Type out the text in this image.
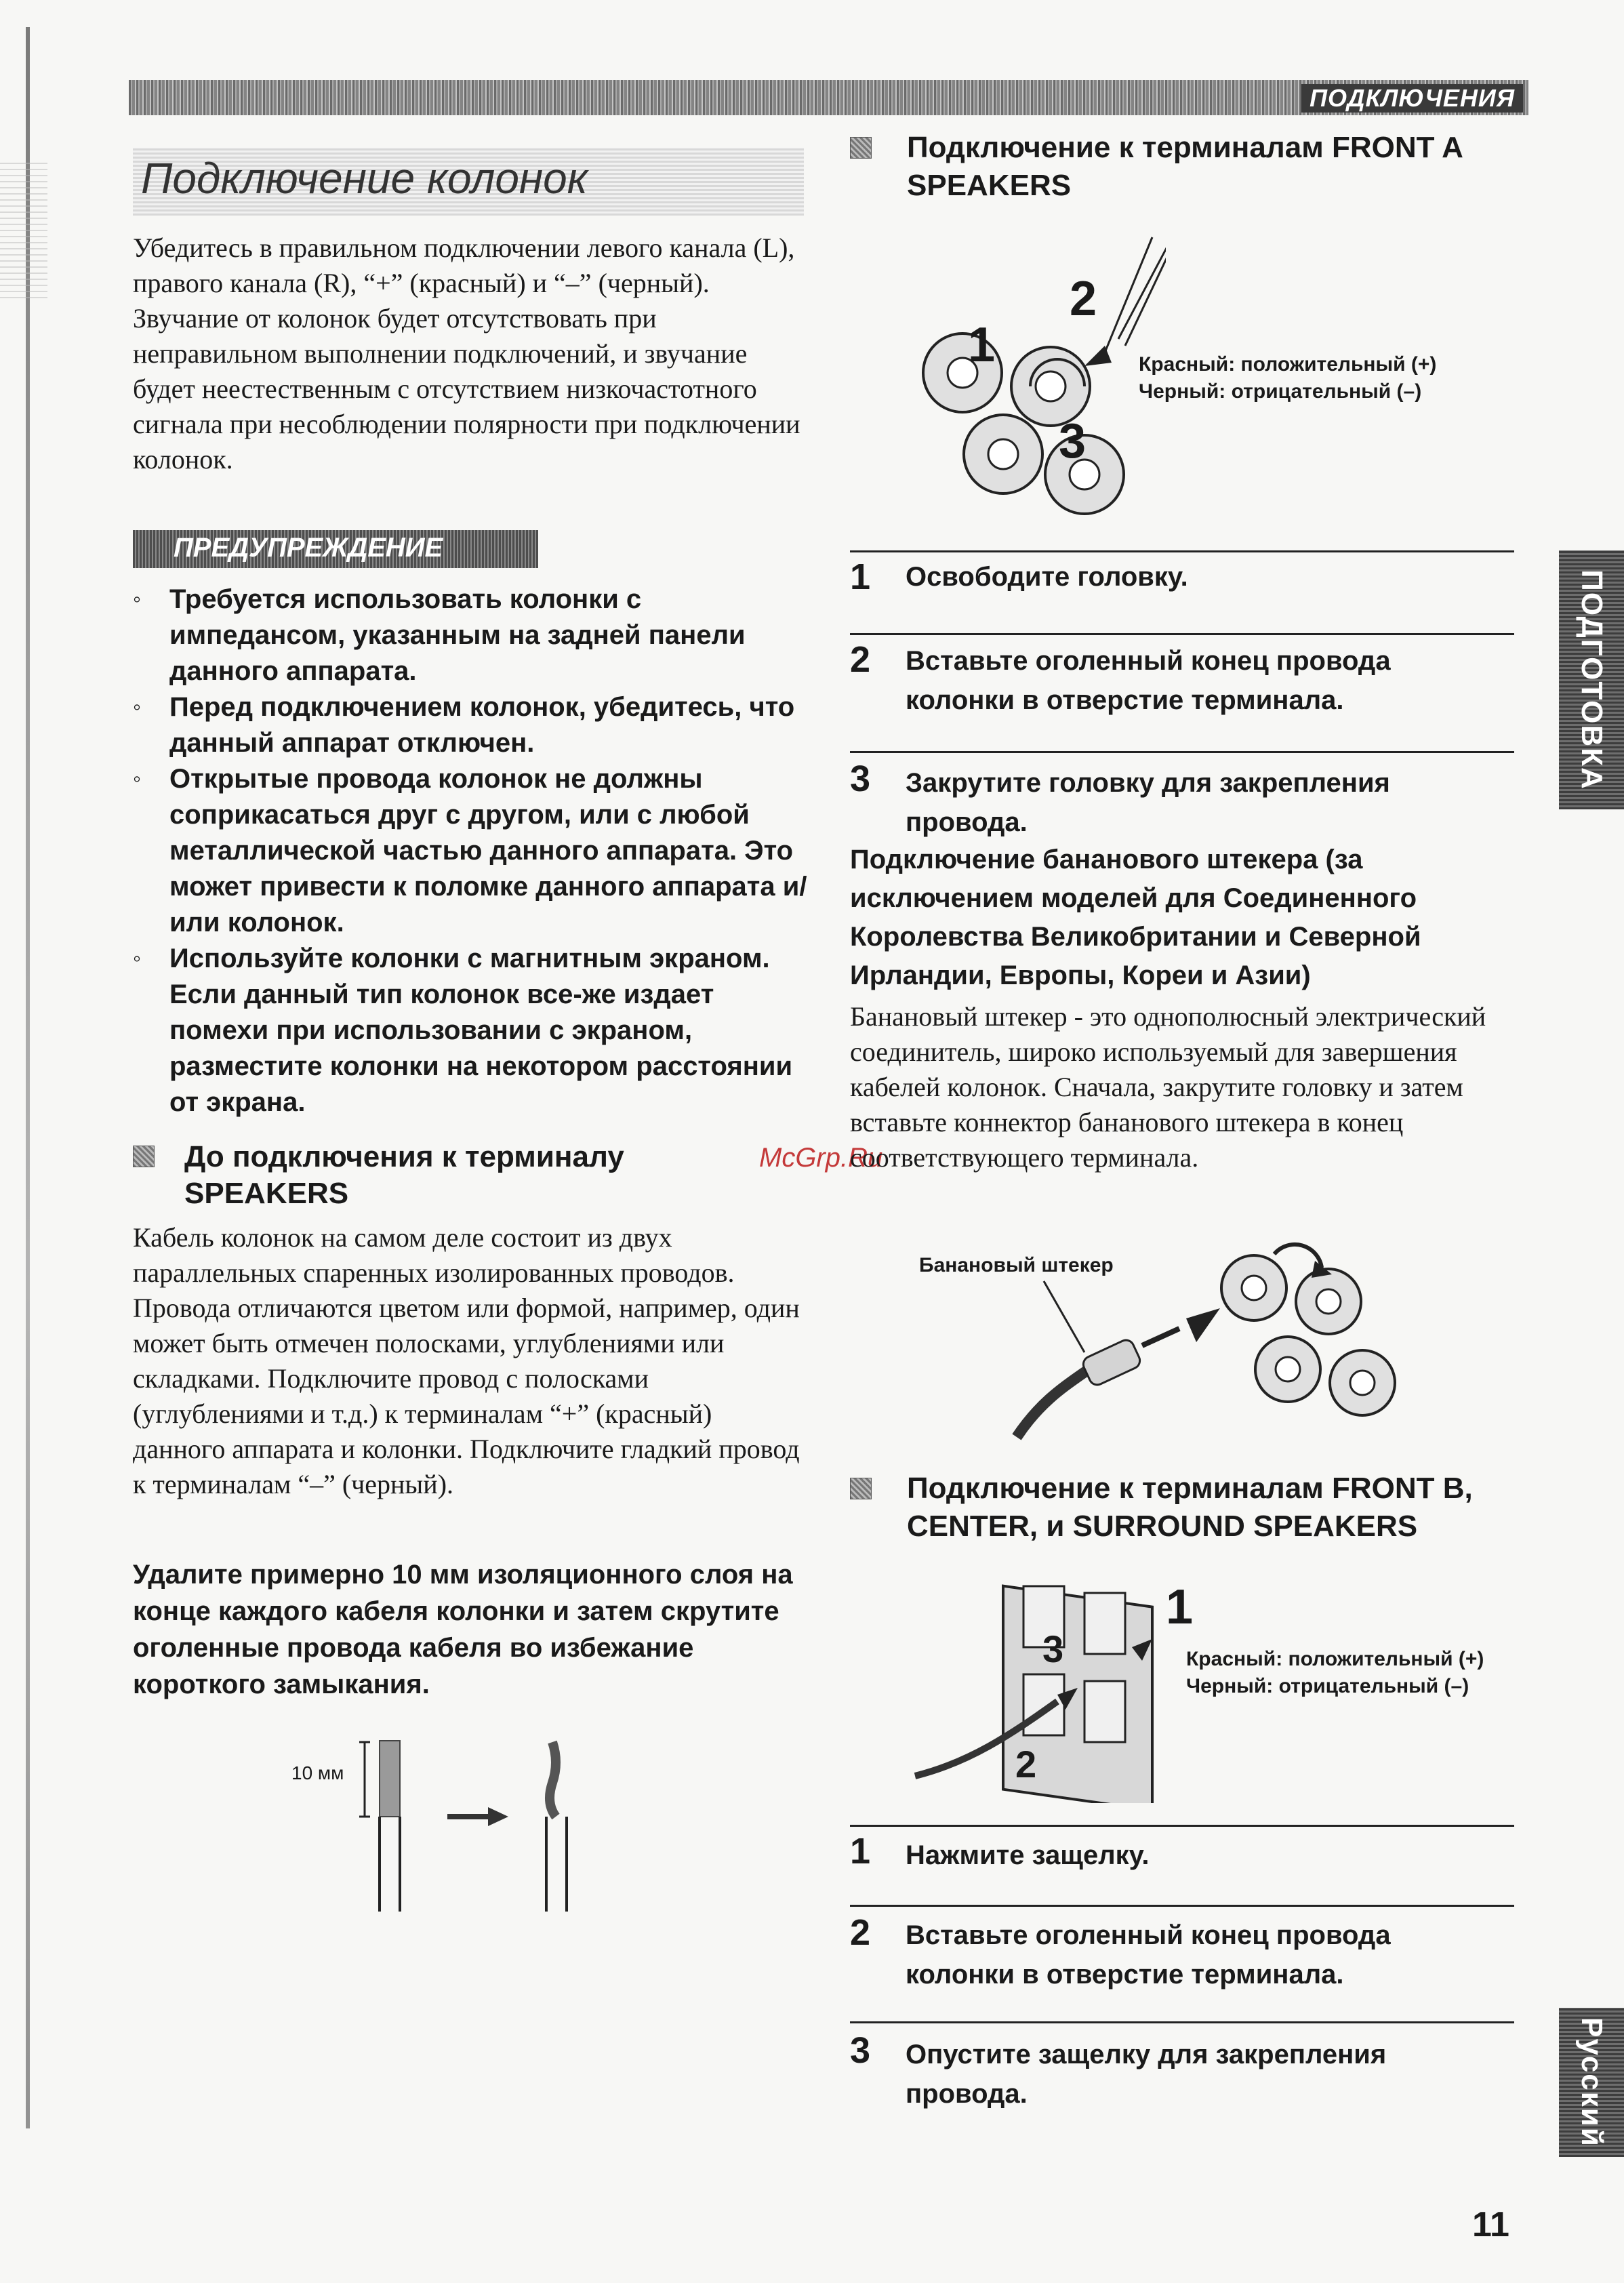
ПОДКЛЮЧЕНИЯ
Подключение колонок

Убедитесь в правильном подключении левого канала (L), правого канала (R), “+” (красный) и “–” (черный). Звучание от колонок будет отсутствовать при неправильном выполнении подключений, и звучание будет неестественным с отсутствием низкочастотного сигнала при несоблюдении полярности при подключении колонок.

ПРЕДУПРЕЖДЕНИЕ
◦ Требуется использовать колонки с импедансом, указанным на задней панели данного аппарата.
◦ Перед подключением колонок, убедитесь, что данный аппарат отключен.
◦ Открытые провода колонок не должны соприкасаться друг с другом, или с любой металлической частью данного аппарата. Это может привести к поломке данного аппарата и/или колонок.
◦ Используйте колонки с магнитным экраном. Если данный тип колонок все-же издает помехи при использовании с экраном, разместите колонки на некотором расстоянии от экрана.
До подключения к терминалу SPEAKERS

Кабель колонок на самом деле состоит из двух параллельных спаренных изолированных проводов. Провода отличаются цветом или формой, например, один может быть отмечен полосками, углублениями или складками. Подключите провод с полосками (углублениями и т.д.) к терминалам “+” (красный) данного аппарата и колонки. Подключите гладкий провод к терминалам “–” (черный).

Удалите примерно 10 мм изоляционного слоя на конце каждого кабеля колонки и затем скрутите оголенные провода кабеля во избежание короткого замыкания.
10 мм
McGrp.Ru
Подключение к терминалам FRONT A SPEAKERS
1
2
3
Красный: положительный (+)
Черный: отрицательный (–)
1 Освободите головку.
2 Вставьте оголенный конец провода колонки в отверстие терминала.
3 Закрутите головку для закрепления провода.
Подключение бананового штекера (за исключением моделей для Соединенного Королевства Великобритании и Северной Ирландии, Европы, Кореи и Азии)

Банановый штекер - это однополюсный электрический соединитель, широко используемый для завершения кабелей колонок. Сначала, закрутите головку и затем вставьте коннектор бананового штекера в конец соответствующего терминала.

Банановый штекер
Подключение к терминалам FRONT B, CENTER, и SURROUND SPEAKERS
1
2
3	Красный: положительный (+)
Черный: отрицательный (–)
1 Нажмите защелку.
2 Вставьте оголенный конец провода колонки в отверстие терминала.
3 Опустите защелку для закрепления провода.
ПОДГОТОВКА
Русский
11
